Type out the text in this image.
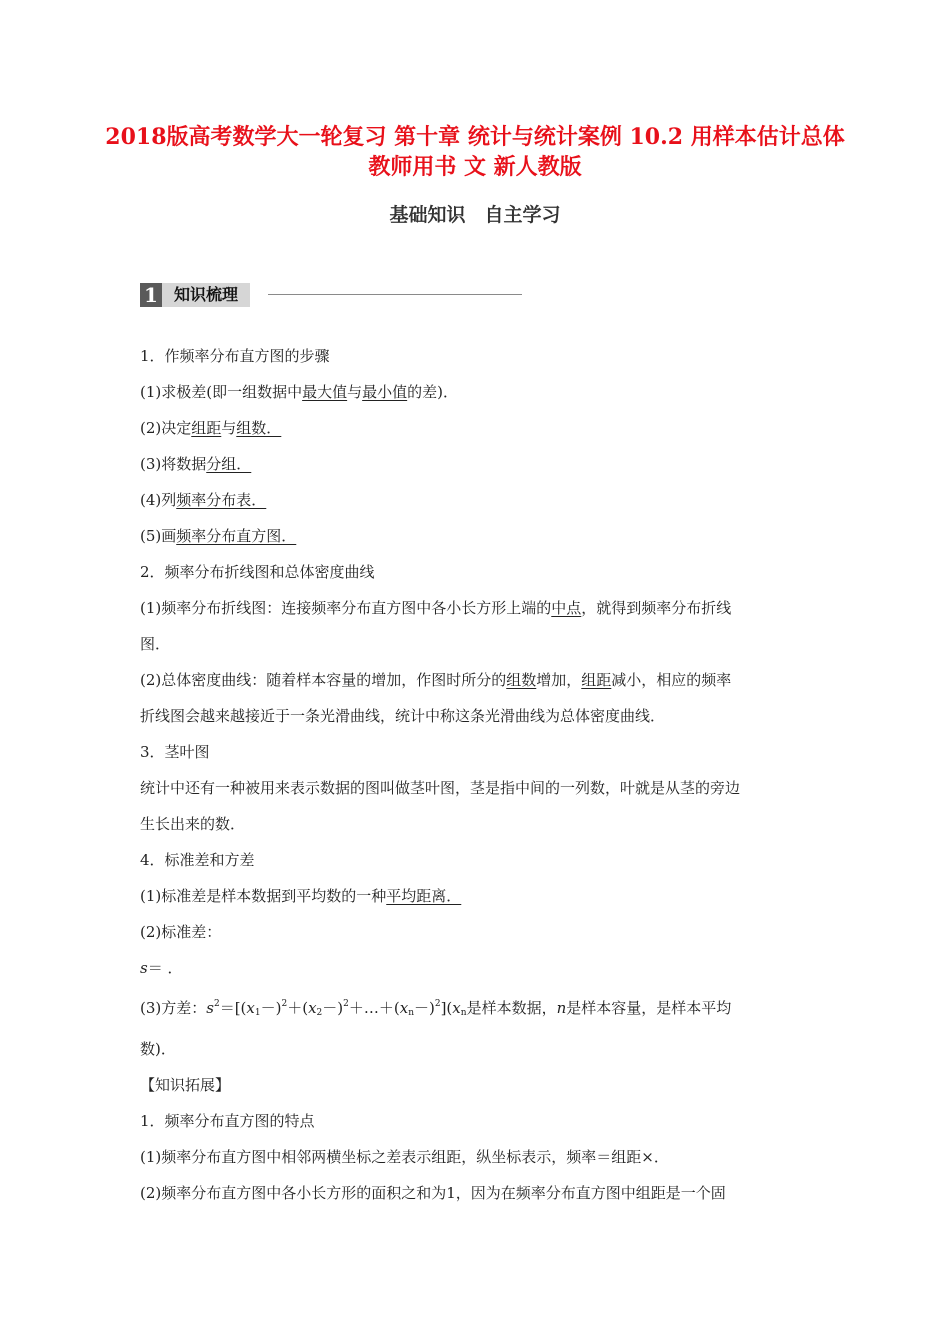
2018版高考数学大一轮复习 第十章 统计与统计案例 10.2 用样本估计总体教师用书 文 新人教版
基础知识　自主学习
1	知识梳理

1．作频率分布直方图的步骤

(1)求极差(即一组数据中最大值与最小值的差)．

(2)决定组距与组数．

(3)将数据分组．

(4)列频率分布表．

(5)画频率分布直方图．

2．频率分布折线图和总体密度曲线

(1)频率分布折线图：连接频率分布直方图中各小长方形上端的中点，就得到频率分布折线

图．

(2)总体密度曲线：随着样本容量的增加，作图时所分的组数增加，组距减小，相应的频率

折线图会越来越接近于一条光滑曲线，统计中称这条光滑曲线为总体密度曲线．

3．茎叶图

统计中还有一种被用来表示数据的图叫做茎叶图，茎是指中间的一列数，叶就是从茎的旁边

生长出来的数．

4．标准差和方差

(1)标准差是样本数据到平均数的一种平均距离．

(2)标准差：

s＝ ．

(3)方差：$s^2=[(x_1-)^2+(x_2-)^2+\dots+(x_n-)^2](x_n$是样本数据，n是样本容量，是样本平均

数)．

【知识拓展】

1．频率分布直方图的特点

(1)频率分布直方图中相邻两横坐标之差表示组距，纵坐标表示，频率＝组距×．

(2)频率分布直方图中各小长方形的面积之和为1，因为在频率分布直方图中组距是一个固
